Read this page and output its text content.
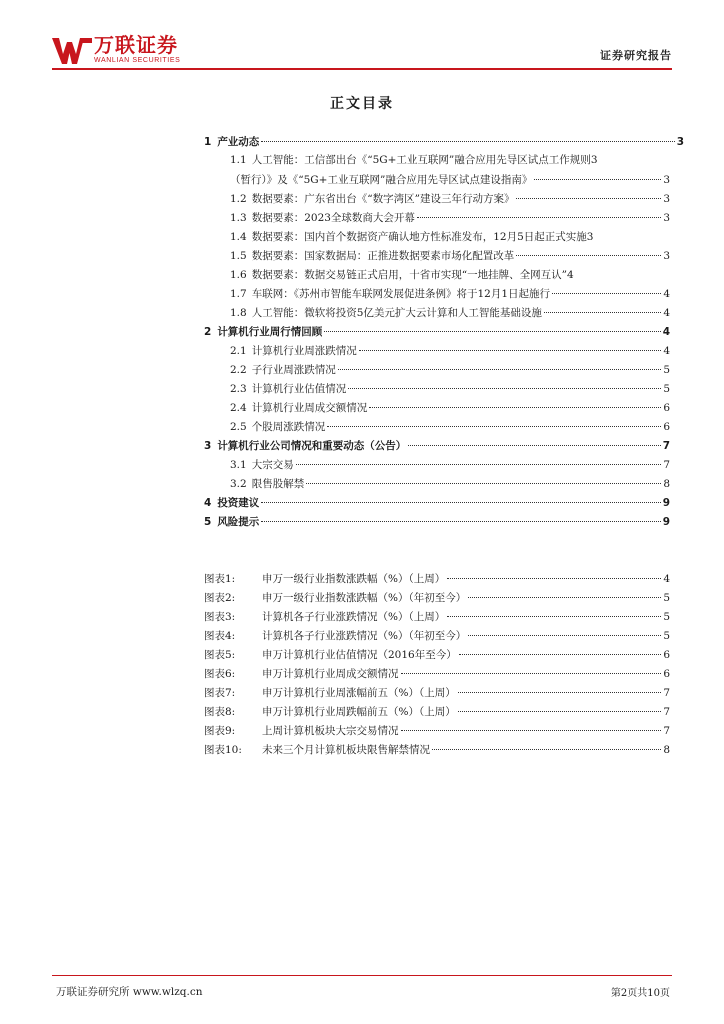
万联证券
WANLIAN SECURITIES	证券研究报告
正文目录
1 产业动态	3
1.1 人工智能：工信部出台《“5G+工业互联网”融合应用先导区试点工作规则 3
（暂行）》及《“5G+工业互联网”融合应用先导区试点建设指南》	3
1.2 数据要素：广东省出台《“数字湾区”建设三年行动方案》	3
1.3 数据要素：2023全球数商大会开幕	3
1.4 数据要素：国内首个数据资产确认地方性标准发布，12月5日起正式实施 3
1.5 数据要素：国家数据局：正推进数据要素市场化配置改革	3
1.6 数据要素：数据交易链正式启用，十省市实现“一地挂牌、全网互认” 4
1.7 车联网：《苏州市智能车联网发展促进条例》将于12月1日起施行	4
1.8 人工智能：微软将投资5亿美元扩大云计算和人工智能基础设施	4
2 计算机行业周行情回顾	4
2.1 计算机行业周涨跌情况	4
2.2 子行业周涨跌情况	5
2.3 计算机行业估值情况	5
2.4 计算机行业周成交额情况	6
2.5 个股周涨跌情况	6
3 计算机行业公司情况和重要动态（公告）	7
3.1 大宗交易	7
3.2 限售股解禁	8
4 投资建议	9
5 风险提示	9
图表1:	申万一级行业指数涨跌幅（%）（上周）	4
图表2:	申万一级行业指数涨跌幅（%）（年初至今）	5
图表3:	计算机各子行业涨跌情况（%）（上周）	5
图表4:	计算机各子行业涨跌情况（%）（年初至今）	5
图表5:	申万计算机行业估值情况（2016年至今）	6
图表6:	申万计算机行业周成交额情况	6
图表7:	申万计算机行业周涨幅前五（%）（上周）	7
图表8:	申万计算机行业周跌幅前五（%）（上周）	7
图表9:	上周计算机板块大宗交易情况	7
图表10: 未来三个月计算机板块限售解禁情况	8
万联证券研究所 www.wlzq.cn	第2页共10页
